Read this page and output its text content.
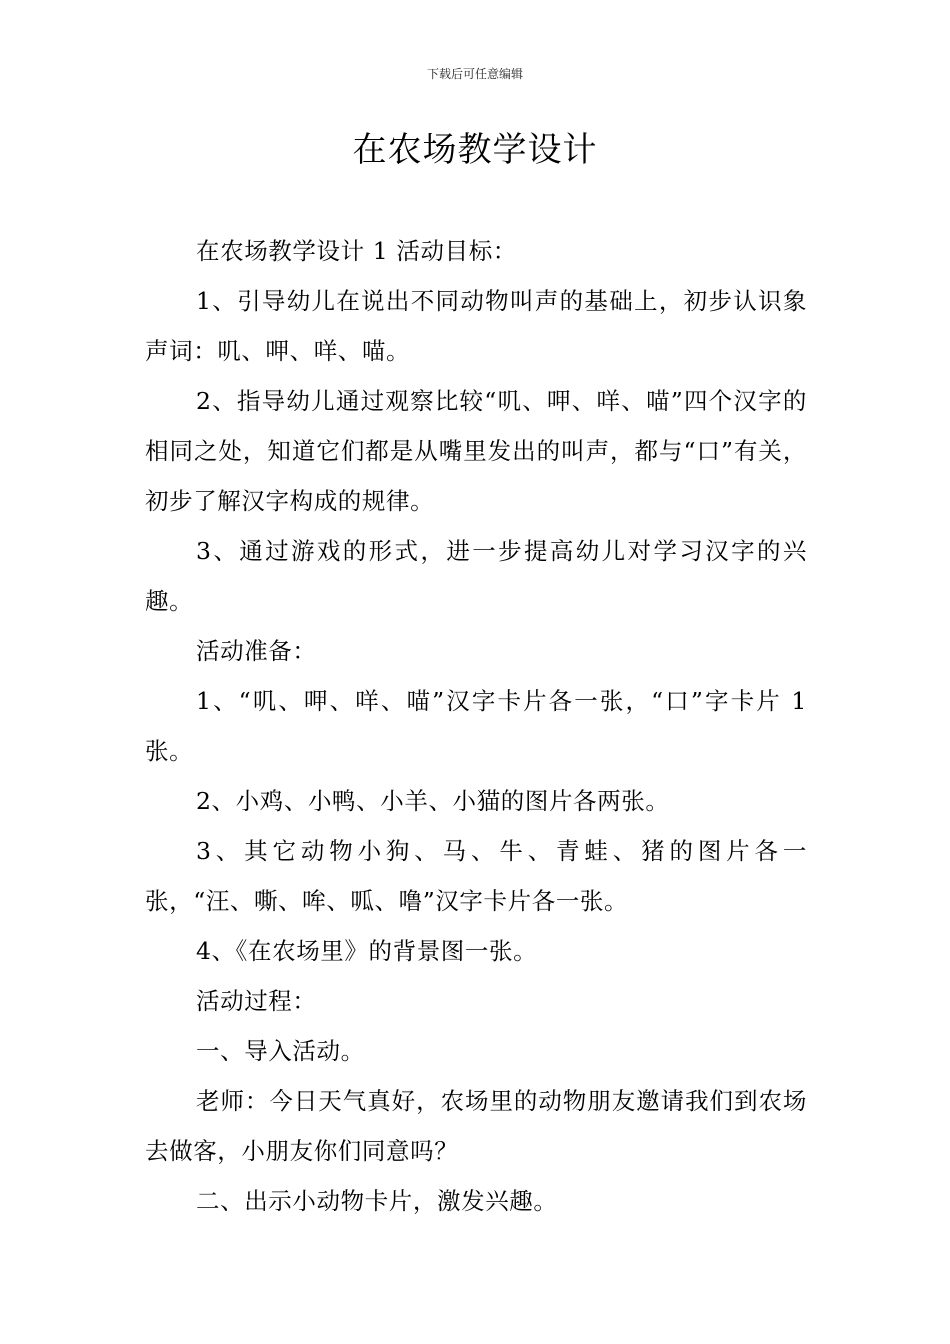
下载后可任意编辑
在农场教学设计

在农场教学设计 1 活动目标：

1、引导幼儿在说出不同动物叫声的基础上，初步认识象声词：叽、呷、咩、喵。

2、指导幼儿通过观察比较“叽、呷、咩、喵”四个汉字的相同之处，知道它们都是从嘴里发出的叫声，都与“口”有关，初步了解汉字构成的规律。

3、通过游戏的形式，进一步提高幼儿对学习汉字的兴趣。

活动准备：

1、“叽、呷、咩、喵”汉字卡片各一张，“口”字卡片 1 张。

2、小鸡、小鸭、小羊、小猫的图片各两张。

3、其它动物小狗、马、牛、青蛙、猪的图片各一张，“汪、嘶、哞、呱、噜”汉字卡片各一张。

4、《在农场里》的背景图一张。

活动过程：

一、导入活动。

老师：今日天气真好，农场里的动物朋友邀请我们到农场去做客，小朋友你们同意吗？

二、出示小动物卡片，激发兴趣。
